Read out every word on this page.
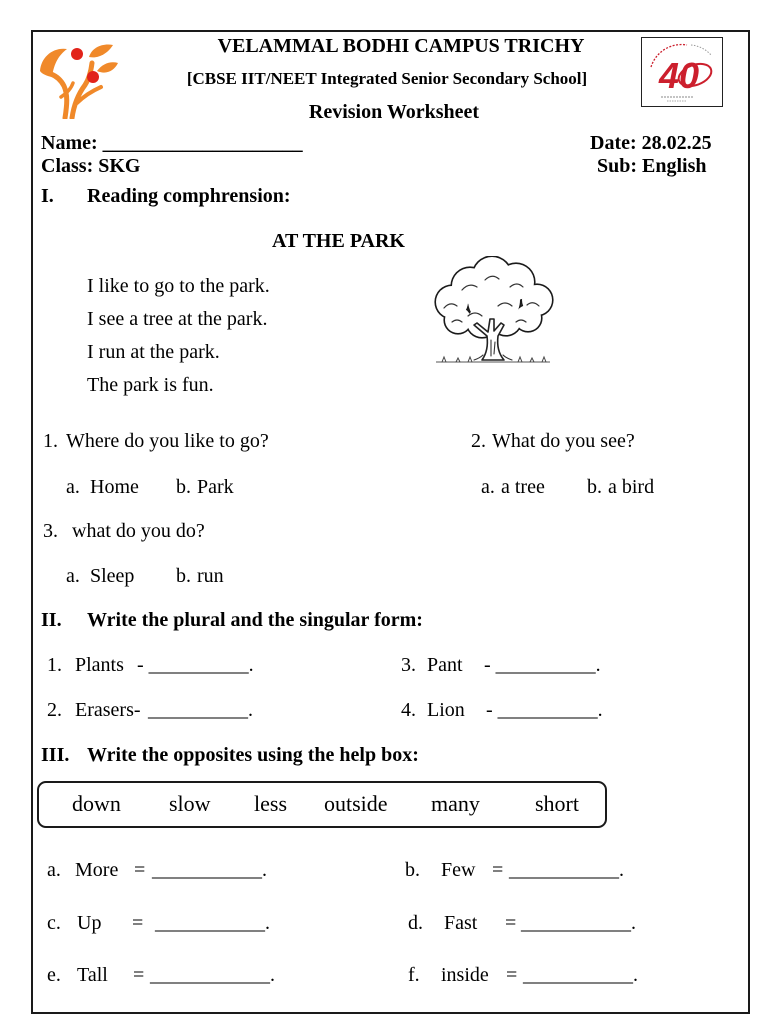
VELAMMAL BODHI CAMPUS TRICHY
[CBSE IIT/NEET Integrated Senior Secondary School]
Revision Worksheet
40
Name: ____________________	Date: 28.02.25
Class: SKG	Sub: English
I. Reading comphrension:
AT THE PARK
I like to go to the park.
I see a tree at the park.
I run at the park.
The park is fun.
1. Where do you like to go?
a. Home b. Park
2. What do you see?
a. a tree b. a bird
3. what do you do?
a. Sleep b. run
II. Write the plural and the singular form:
1. Plants - __________.
2. Erasers- __________.
3. Pant - __________.
4. Lion - __________.
III. Write the opposites using the help box:
down slow less outside many	short
a. More = ___________.	b. Few = ___________.
c. Up = ___________.	d. Fast = ___________.
e. Tall = ____________.	f. inside = ___________.
